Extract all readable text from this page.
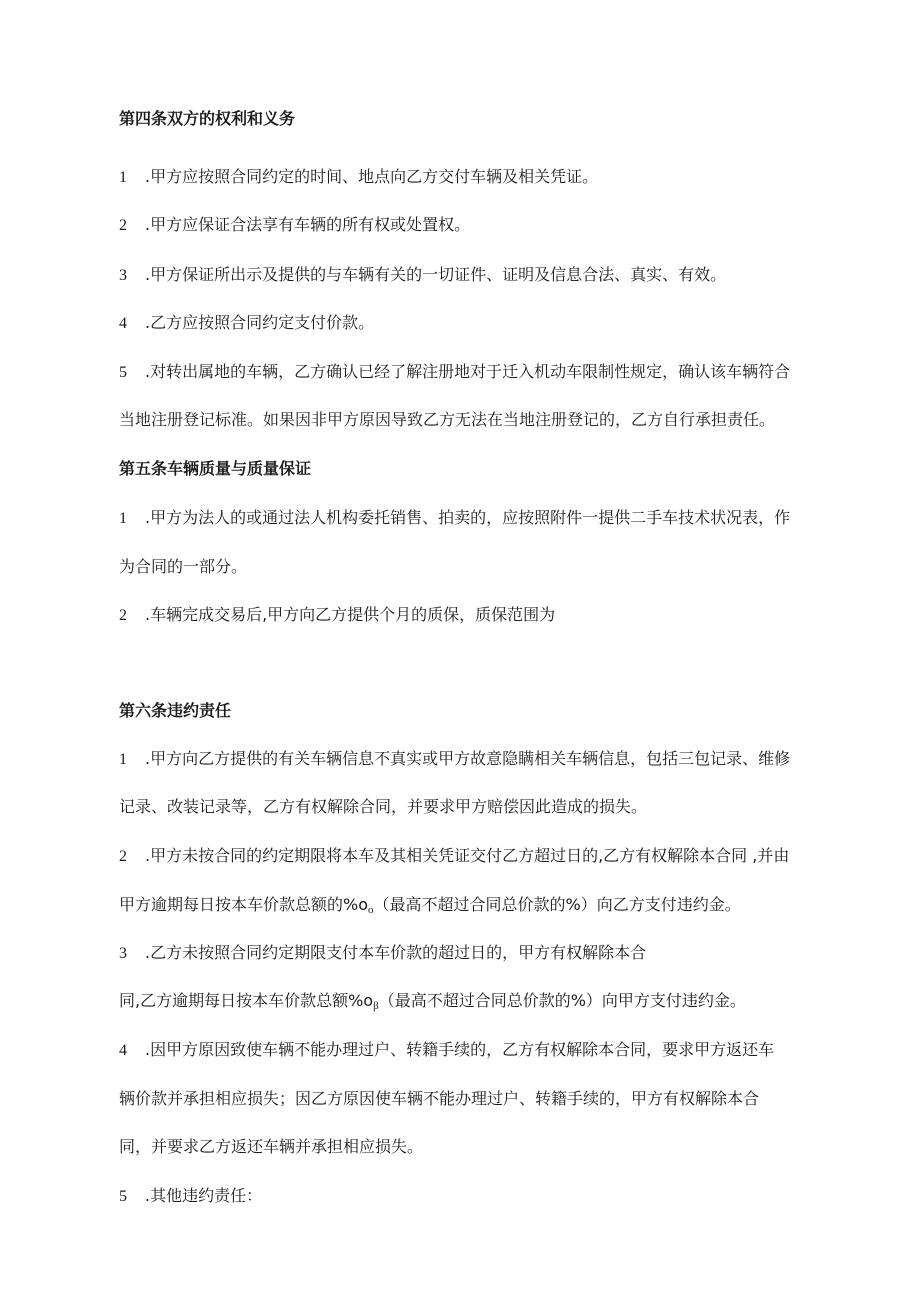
第四条双方的权利和义务
1 .甲方应按照合同约定的时间、地点向乙方交付车辆及相关凭证。
2 .甲方应保证合法享有车辆的所有权或处置权。
3 .甲方保证所出示及提供的与车辆有关的一切证件、证明及信息合法、真实、有效。
4 .乙方应按照合同约定支付价款。
5 .对转出属地的车辆，乙方确认已经了解注册地对于迁入机动车限制性规定，确认该车辆符合
当地注册登记标准。如果因非甲方原因导致乙方无法在当地注册登记的，乙方自行承担责任。
第五条车辆质量与质量保证
1 .甲方为法人的或通过法人机构委托销售、拍卖的，应按照附件一提供二手车技术状况表，作
为合同的一部分。
2 .车辆完成交易后,甲方向乙方提供个月的质保，质保范围为
第六条违约责任
1 .甲方向乙方提供的有关车辆信息不真实或甲方故意隐瞒相关车辆信息，包括三包记录、维修
记录、改装记录等，乙方有权解除合同，并要求甲方赔偿因此造成的损失。
2 .甲方未按合同的约定期限将本车及其相关凭证交付乙方超过日的,乙方有权解除本合同 ,并由
甲方逾期每日按本车价款总额的$\%o_o$（最高不超过合同总价款的%）向乙方支付违约金。
3 .乙方未按照合同约定期限支付本车价款的超过日的，甲方有权解除本合
同,乙方逾期每日按本车价款总额$\%o_\beta$（最高不超过合同总价款的%）向甲方支付违约金。
4 .因甲方原因致使车辆不能办理过户、转籍手续的，乙方有权解除本合同，要求甲方返还车
辆价款并承担相应损失；因乙方原因使车辆不能办理过户、转籍手续的，甲方有权解除本合
同，并要求乙方返还车辆并承担相应损失。
5 .其他违约责任：
